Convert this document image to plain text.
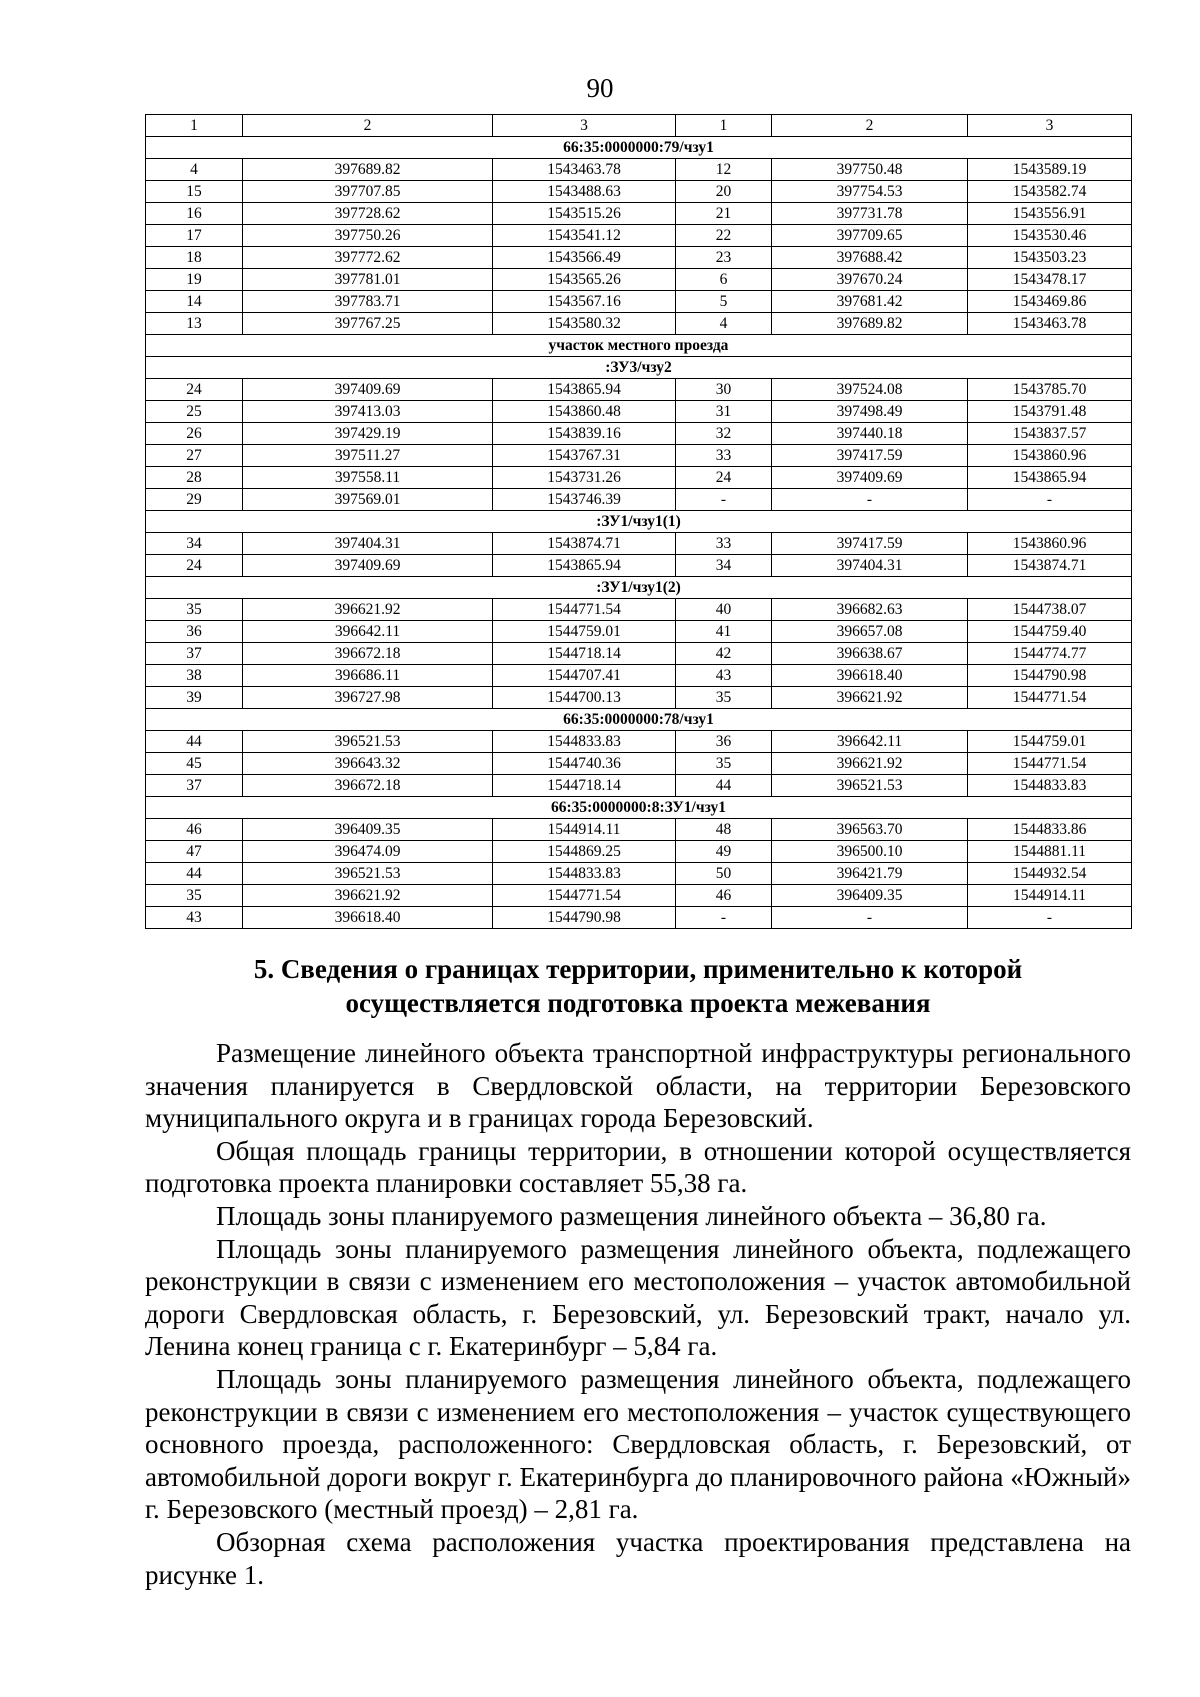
90
1	2	3	1	2	3
66:35:0000000:79/чзу1					
4	397689.82	1543463.78	12	397750.48	1543589.19
15	397707.85	1543488.63	20	397754.53	1543582.74
16	397728.62	1543515.26	21	397731.78	1543556.91
17	397750.26	1543541.12	22	397709.65	1543530.46
18	397772.62	1543566.49	23	397688.42	1543503.23
19	397781.01	1543565.26	6	397670.24	1543478.17
14	397783.71	1543567.16	5	397681.42	1543469.86
13	397767.25	1543580.32	4	397689.82	1543463.78
участок местного проезда					
:ЗУ3/чзу2					
24	397409.69	1543865.94	30	397524.08	1543785.70
25	397413.03	1543860.48	31	397498.49	1543791.48
26	397429.19	1543839.16	32	397440.18	1543837.57
27	397511.27	1543767.31	33	397417.59	1543860.96
28	397558.11	1543731.26	24	397409.69	1543865.94
29	397569.01	1543746.39	-	-	-
:ЗУ1/чзу1(1)					
34	397404.31	1543874.71	33	397417.59	1543860.96
24	397409.69	1543865.94	34	397404.31	1543874.71
:ЗУ1/чзу1(2)					
35	396621.92	1544771.54	40	396682.63	1544738.07
36	396642.11	1544759.01	41	396657.08	1544759.40
37	396672.18	1544718.14	42	396638.67	1544774.77
38	396686.11	1544707.41	43	396618.40	1544790.98
39	396727.98	1544700.13	35	396621.92	1544771.54
66:35:0000000:78/чзу1					
44	396521.53	1544833.83	36	396642.11	1544759.01
45	396643.32	1544740.36	35	396621.92	1544771.54
37	396672.18	1544718.14	44	396521.53	1544833.83
66:35:0000000:8:ЗУ1/чзу1					
46	396409.35	1544914.11	48	396563.70	1544833.86
47	396474.09	1544869.25	49	396500.10	1544881.11
44	396521.53	1544833.83	50	396421.79	1544932.54
35	396621.92	1544771.54	46	396409.35	1544914.11
43	396618.40	1544790.98	-	-	-
5. Сведения о границах территории, применительно к которой
осуществляется подготовка проекта межевания

Размещение линейного объекта транспортной инфраструктуры регионального значения планируется в Свердловской области, на территории Березовского муниципального округа и в границах города Березовский.

Общая площадь границы территории, в отношении которой осуществляется подготовка проекта планировки составляет 55,38 га.

Площадь зоны планируемого размещения линейного объекта – 36,80 га.

Площадь зоны планируемого размещения линейного объекта, подлежащего реконструкции в связи с изменением его местоположения – участок автомобильной дороги Свердловская область, г. Березовский, ул. Березовский тракт, начало ул. Ленина конец граница с г. Екатеринбург – 5,84 га.

Площадь зоны планируемого размещения линейного объекта, подлежащего реконструкции в связи с изменением его местоположения – участок существующего основного проезда, расположенного: Свердловская область, г. Березовский, от автомобильной дороги вокруг г. Екатеринбурга до планировочного района «Южный» г. Березовского (местный проезд) – 2,81 га.

Обзорная схема расположения участка проектирования представлена на рисунке 1.
